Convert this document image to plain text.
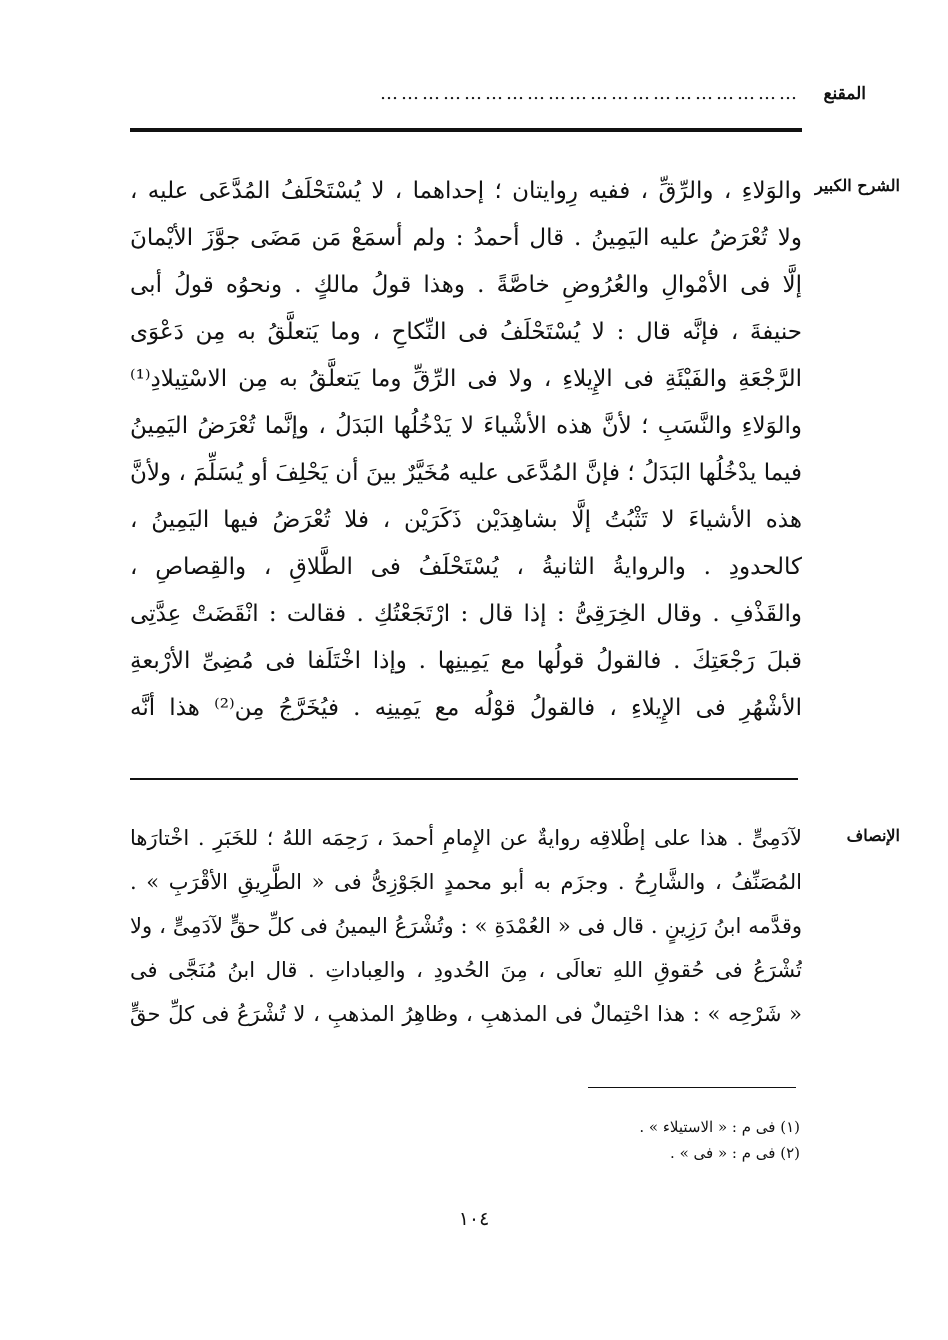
المقنع
……………………………………………………
الشرح الكبير
والوَلاءِ ، والرِّقِّ ، ففيه رِوايتان ؛ إحداهما ، لا يُسْتَحْلَفُ المُدَّعَى عليه ،
ولا تُعْرَضُ عليه اليَمِينُ . قال أحمدُ : ولم أسمَعْ مَن مَضَى جوَّزَ الأيْمانَ
إلَّا فى الأمْوالِ والعُرُوضِ خاصَّةً . وهذا قولُ مالكٍ . ونحوُه قولُ أبى
حنيفةَ ، فإنَّه قال : لا يُسْتَحْلَفُ فى النِّكاحِ ، وما يَتعلَّقُ به مِن دَعْوَى
الرَّجْعَةِ والفَيْئَةِ فى الإِيلاءِ ، ولا فى الرِّقِّ وما يَتعلَّقُ به مِن الاسْتِيلادِ⁽¹⁾
والوَلاءِ والنَّسَبِ ؛ لأنَّ هذه الأشْياءَ لا يَدْخُلُها البَدَلُ ، وإنَّما تُعْرَضُ اليَمِينُ
فيما يدْخُلُها البَدَلُ ؛ فإنَّ المُدَّعَى عليه مُخَيَّرٌ بينَ أن يَحْلِفَ أو يُسَلِّمَ ، ولأنَّ
هذه الأشياءَ لا تَثْبُتُ إلَّا بشاهِدَيْن ذَكَرَيْن ، فلا تُعْرَضُ فيها اليَمِينُ ،
كالحدودِ . والروايةُ الثانيةُ ، يُسْتَحْلَفُ فى الطَّلاقِ ، والقِصاصِ ،
والقَذْفِ . وقال الخِرَقِىُّ : إذا قال : ارْتَجَعْتُكِ . فقالت : انْقَضَتْ عِدَّتِى
قبلَ رَجْعَتِكَ . فالقولُ قولُها مع يَمِينِها . وإذا اخْتَلَفا فى مُضِىِّ الأرْبعةِ
الأشْهُرِ فى الإِيلاءِ ، فالقولُ قوْلُه مع يَمِينِه . فيُخَرَّجُ مِن⁽²⁾ هذا أنَّه
الإنصاف
لآدَمِىٍّ . هذا على إطْلاقِه روايةٌ عن الإِمامِ أحمدَ ، رَحِمَه اللهُ ؛ للخَبَرِ . اخْتارَها
المُصَنِّفُ ، والشَّارِحُ . وجزَم به أبو محمدٍ الجَوْزِىُّ فى « الطَّرِيقِ الأقْرَبِ » .
وقدَّمه ابنُ رَزِينٍ . قال فى « العُمْدَةِ » : وتُشْرَعُ اليمينُ فى كلِّ حقٍّ لآدَمِىٍّ ، ولا
تُشْرَعُ فى حُقوقِ اللهِ تعالَى ، مِنَ الحُدودِ ، والعِباداتِ . قال ابنُ مُنَجَّى فى
« شَرْحِه » : هذا احْتِمالٌ فى المذهبِ ، وظاهِرُ المذهبِ ، لا تُشْرَعُ فى كلِّ حقٍّ
(١) فى م : « الاستيلاء » .
(٢) فى م : « فى » .
١٠٤
